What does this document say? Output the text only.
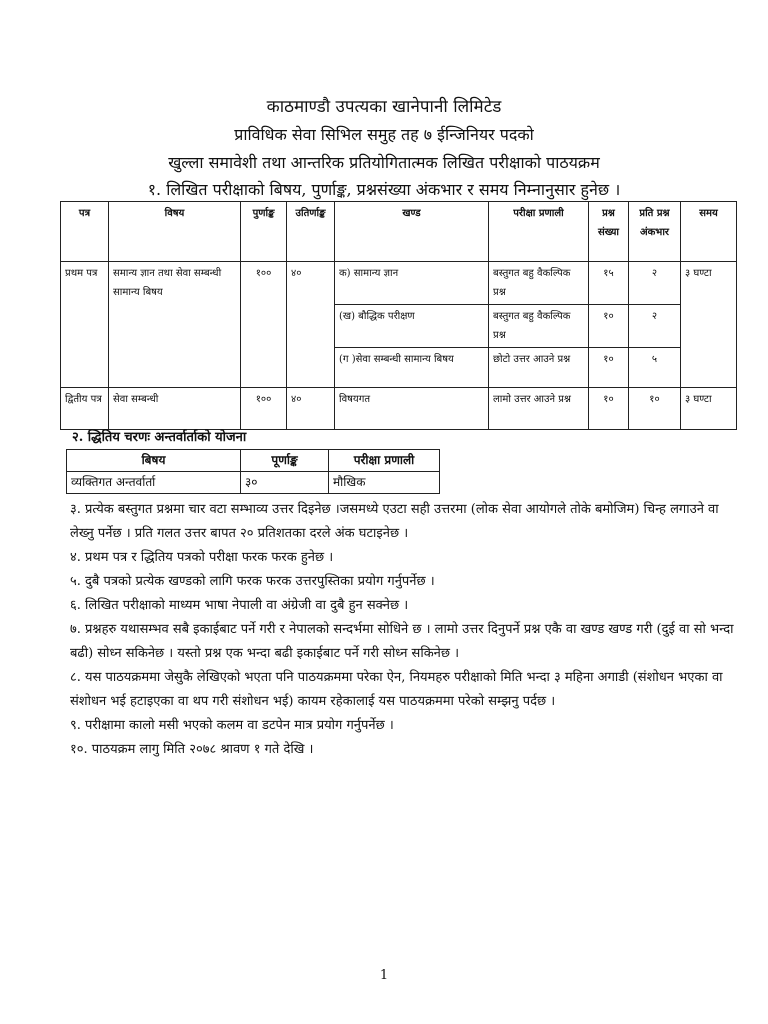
काठमाण्डौ उपत्यका खानेपानी लिमिटेड
प्राविधिक सेवा सिभिल समुह तह ७ ईन्जिनियर पदको
खुल्ला समावेशी तथा आन्तरिक प्रतियोगितात्मक लिखित परीक्षाको पाठयक्रम
१. लिखित परीक्षाको बिषय, पुर्णाङ्क, प्रश्नसंख्या अंकभार र समय निम्नानुसार हुनेछ ।
पत्र	विषय	पुर्णाङ्क	उतिर्णाङ्क	खण्ड	परीक्षा प्रणाली	प्रश्न संख्या	प्रति प्रश्न अंकभार	समय
प्रथम पत्र	समान्य ज्ञान तथा सेवा सम्बन्धी सामान्य बिषय	१००	४०	क) सामान्य ज्ञान	बस्तुगत बहु वैकल्पिक प्रश्न	१५	२	३ घण्टा
				(ख) बौद्धिक परीक्षण	बस्तुगत बहु वैकल्पिक प्रश्न	१०	२	
				(ग )सेवा सम्बन्धी सामान्य बिषय	छोटो उत्तर आउने प्रश्न	१०	५	
द्वितीय पत्र	सेवा सम्बन्धी	१००	४०	विषयगत	लामो उत्तर आउने प्रश्न	१०	१०	३ घण्टा
२. द्धितिय चरणः अन्तर्वार्ताको योजना
बिषय	पूर्णाङ्क	परीक्षा प्रणाली
व्यक्तिगत अन्तर्वार्ता	३०	मौखिक

३. प्रत्येक बस्तुगत प्रश्नमा चार वटा सम्भाव्य उत्तर दिइनेछ ।जसमध्ये एउटा सही उत्तरमा (लोक सेवा आयोगले तोके बमोजिम) चिन्ह लगाउने वा लेख्नु पर्नेछ । प्रति गलत उत्तर बापत २० प्रतिशतका दरले अंक घटाइनेछ ।

४. प्रथम पत्र र द्धितिय पत्रको परीक्षा फरक फरक हुनेछ ।

५. दुबै पत्रको प्रत्येक खण्डको लागि फरक फरक उत्तरपुस्तिका प्रयोग गर्नुपर्नेछ ।

६. लिखित परीक्षाको माध्यम भाषा नेपाली वा अंग्रेजी वा दुबै हुन सक्नेछ ।

७. प्रश्नहरु यथासम्भव सबै इकाईबाट पर्ने गरी र नेपालको सन्दर्भमा सोधिने छ । लामो उत्तर दिनुपर्ने प्रश्न एकै वा खण्ड खण्ड गरी (दुई वा सो भन्दा बढी) सोध्न सकिनेछ । यस्तो प्रश्न एक भन्दा बढी इकाईबाट पर्ने गरी सोध्न सकिनेछ ।

८. यस पाठयक्रममा जेसुकै लेखिएको भएता पनि पाठयक्रममा परेका ऐन, नियमहरु परीक्षाको मिति भन्दा ३ महिना अगाडी (संशोधन भएका वा संशोधन भई हटाइएका वा थप गरी संशोधन भई) कायम रहेकालाई यस पाठयक्रममा परेको सम्झनु पर्दछ ।

९. परीक्षामा कालो मसी भएको कलम वा डटपेन मात्र प्रयोग गर्नुपर्नेछ ।

१०. पाठयक्रम लागु मिति २०७८ श्रावण १ गते देखि ।

1
